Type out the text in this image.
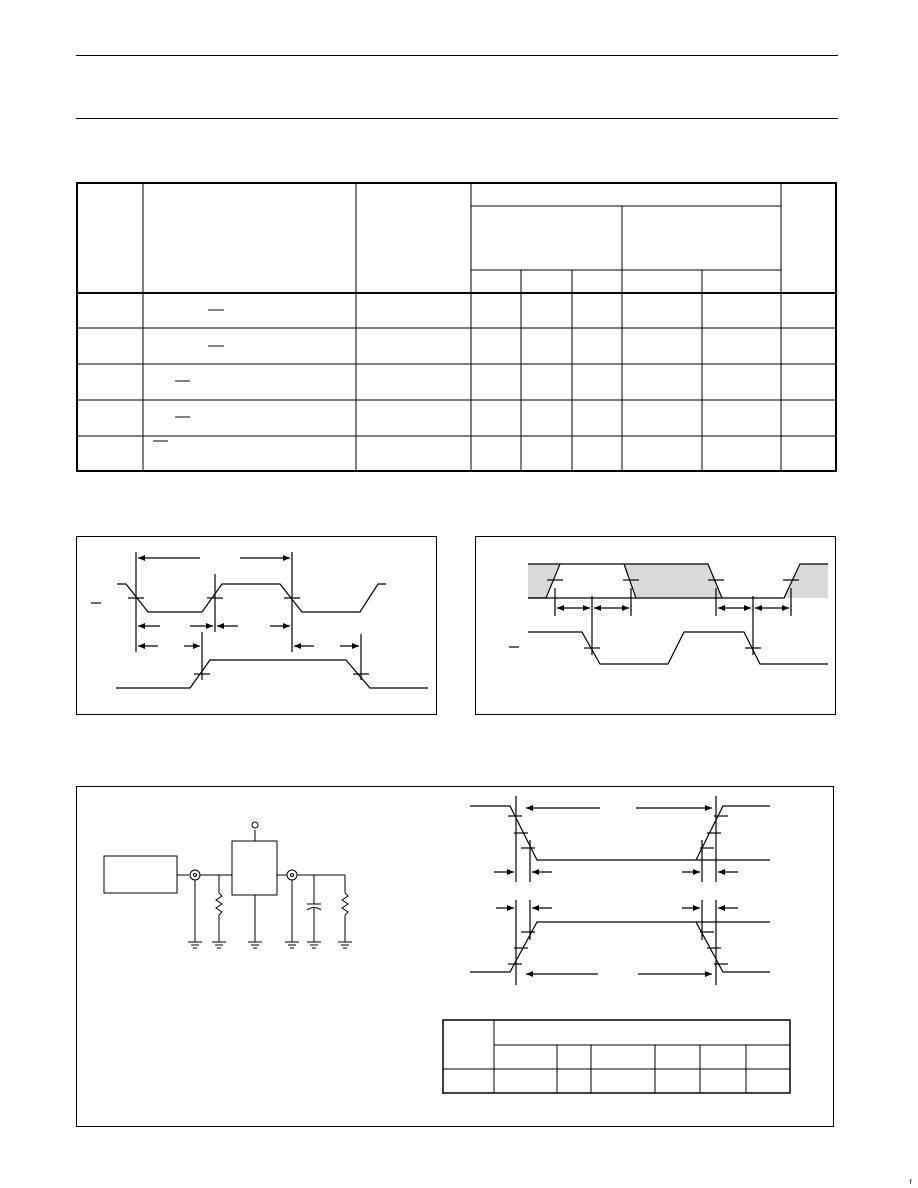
r
